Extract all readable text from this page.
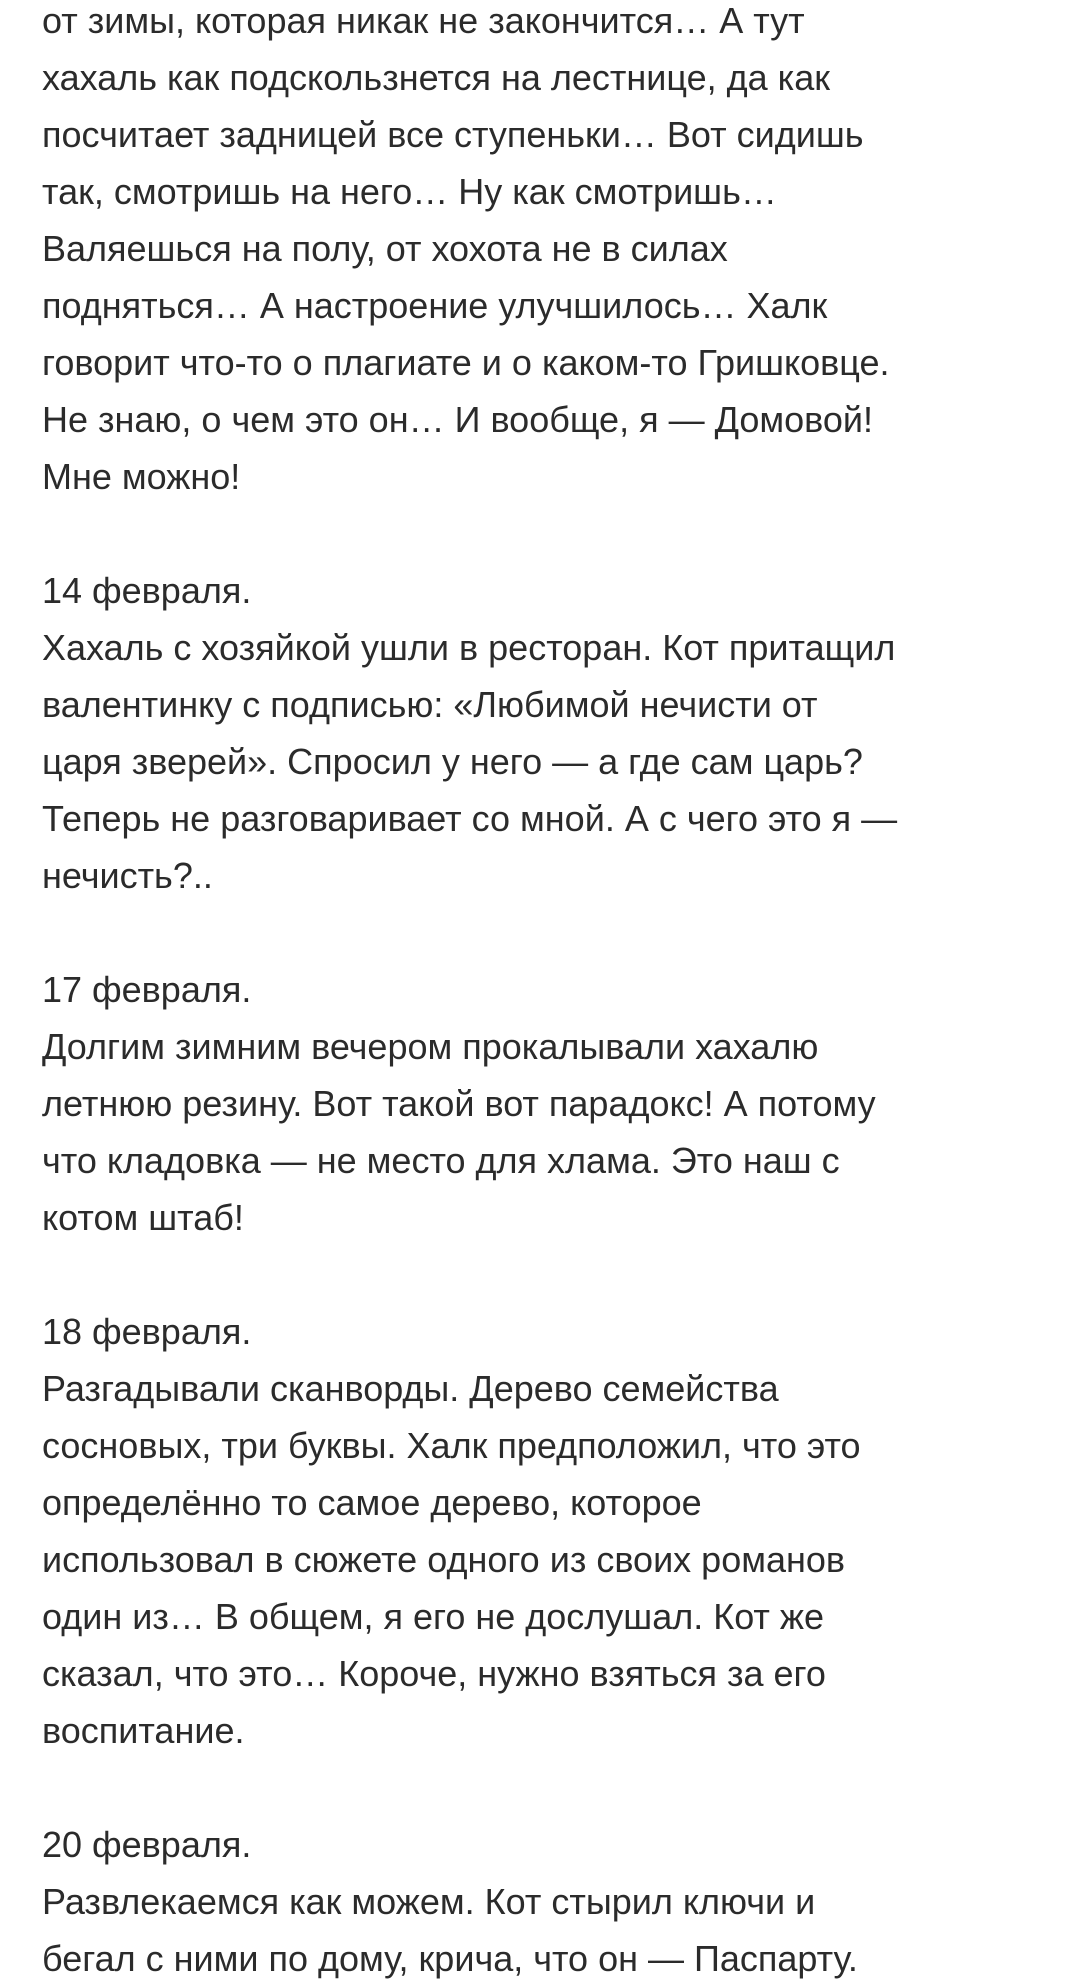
от зимы, которая никак не закончится… А тут
хахаль как подскользнется на лестнице, да как
посчитает задницей все ступеньки… Вот сидишь
так, смотришь на него… Ну как смотришь…
Валяешься на полу, от хохота не в силах
подняться… А настроение улучшилось… Халк
говорит что-то о плагиате и о каком-то Гришковце.
Не знаю, о чем это он… И вообще, я — Домовой!
Мне можно!
14 февраля.
Хахаль с хозяйкой ушли в ресторан. Кот притащил
валентинку с подписью: «Любимой нечисти от
царя зверей». Спросил у него — а где сам царь?
Теперь не разговаривает со мной. А с чего это я —
нечисть?..
17 февраля.
Долгим зимним вечером прокалывали хахалю
летнюю резину. Вот такой вот парадокс! А потому
что кладовка — не место для хлама. Это наш с
котом штаб!
18 февраля.
Разгадывали сканворды. Дерево семейства
сосновых, три буквы. Халк предположил, что это
определённо то самое дерево, которое
использовал в сюжете одного из своих романов
один из… В общем, я его не дослушал. Кот же
сказал, что это… Короче, нужно взяться за его
воспитание.
20 февраля.
Развлекаемся как можем. Кот стырил ключи и
бегал с ними по дому, крича, что он — Паспарту.
